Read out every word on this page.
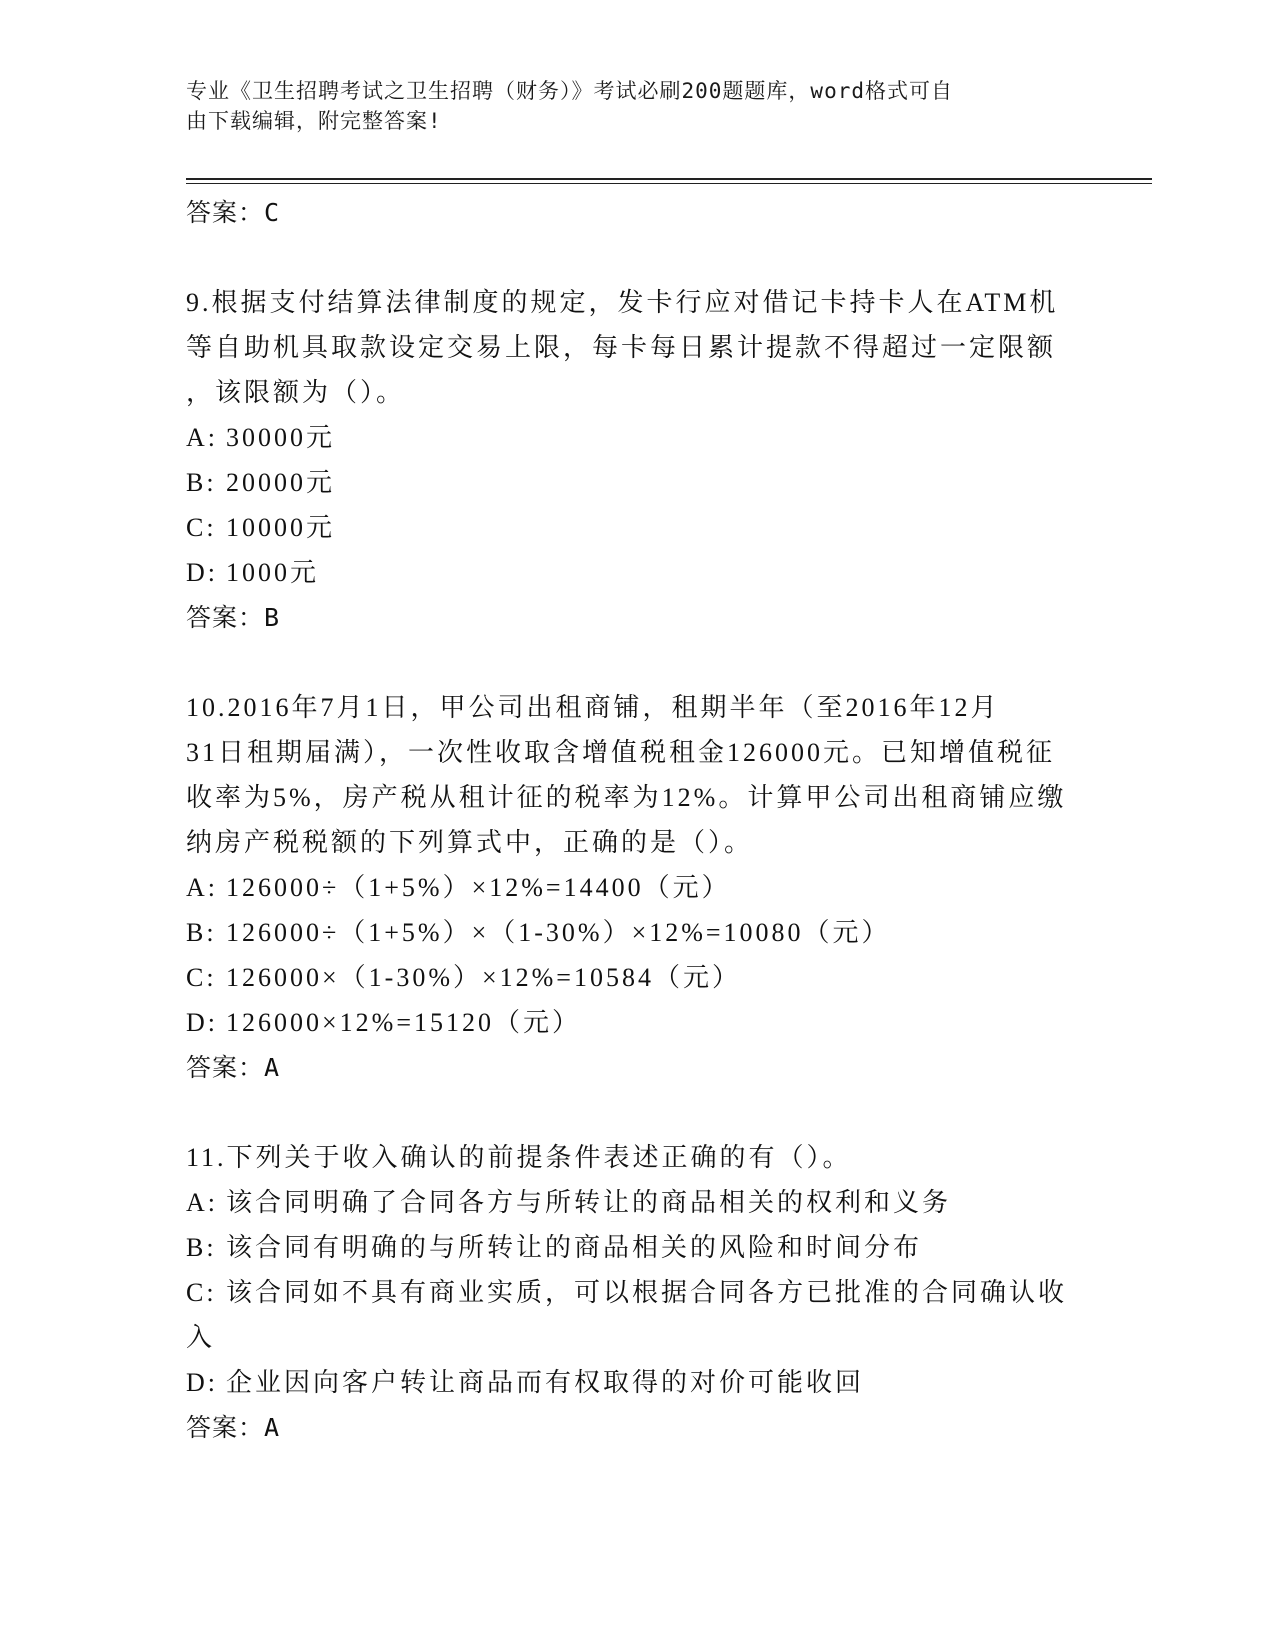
专业《卫生招聘考试之卫生招聘（财务）》考试必刷200题题库，word格式可自
由下载编辑，附完整答案!
答案：C
9.根据支付结算法律制度的规定，发卡行应对借记卡持卡人在ATM机
等自助机具取款设定交易上限，每卡每日累计提款不得超过一定限额
，该限额为（）。
A: 30000元
B: 20000元
C: 10000元
D: 1000元
答案：B
10.2016年7月1日，甲公司出租商铺，租期半年（至2016年12月
31日租期届满），一次性收取含增值税租金126000元。已知增值税征
收率为5%，房产税从租计征的税率为12%。计算甲公司出租商铺应缴
纳房产税税额的下列算式中，正确的是（）。
A: 126000÷（1+5%）×12%=14400（元）
B: 126000÷（1+5%）×（1-30%）×12%=10080（元）
C: 126000×（1-30%）×12%=10584（元）
D: 126000×12%=15120（元）
答案：A
11.下列关于收入确认的前提条件表述正确的有（）。
A: 该合同明确了合同各方与所转让的商品相关的权利和义务
B: 该合同有明确的与所转让的商品相关的风险和时间分布
C: 该合同如不具有商业实质，可以根据合同各方已批准的合同确认收
入
D: 企业因向客户转让商品而有权取得的对价可能收回
答案：A
